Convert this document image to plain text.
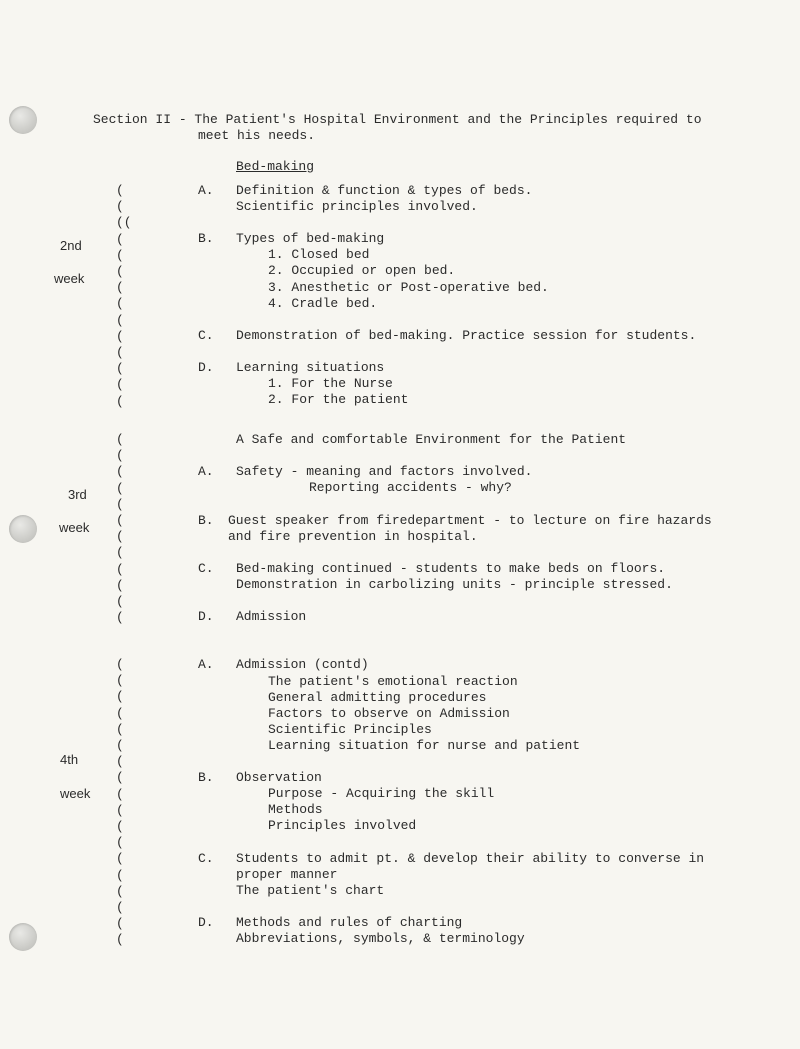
Section II - The Patient's Hospital Environment and the Principles required to
meet his needs.
2nd
week
3rd
week
4th
week
(
(
((
(
(
(
(
(
(
(
(
(
(
(
(
(
(
(
(
(
(
(
(
(
(
(
(
(
(
(
(
(
(
(
(
(
(
(
(
(
(
(
(
(
Bed-making
A. Definition & function & types of beds.
Scientific principles involved.
B. Types of bed-making
1. Closed bed
2. Occupied or open bed.
3. Anesthetic or Post-operative bed.
4. Cradle bed.
C. Demonstration of bed-making. Practice session for students.
D. Learning situations
1. For the Nurse
2. For the patient
A Safe and comfortable Environment for the Patient
A. Safety - meaning and factors involved.
Reporting accidents - why?
B. Guest speaker from firedepartment - to lecture on fire hazards
and fire prevention in hospital.
C. Bed-making continued - students to make beds on floors.
Demonstration in carbolizing units - principle stressed.
D. Admission
A. Admission (contd)
The patient's emotional reaction
General admitting procedures
Factors to observe on Admission
Scientific Principles
Learning situation for nurse and patient
B. Observation
Purpose - Acquiring the skill
Methods
Principles involved
C. Students to admit pt. & develop their ability to converse in
proper manner
The patient's chart
D. Methods and rules of charting
Abbreviations, symbols, & terminology
